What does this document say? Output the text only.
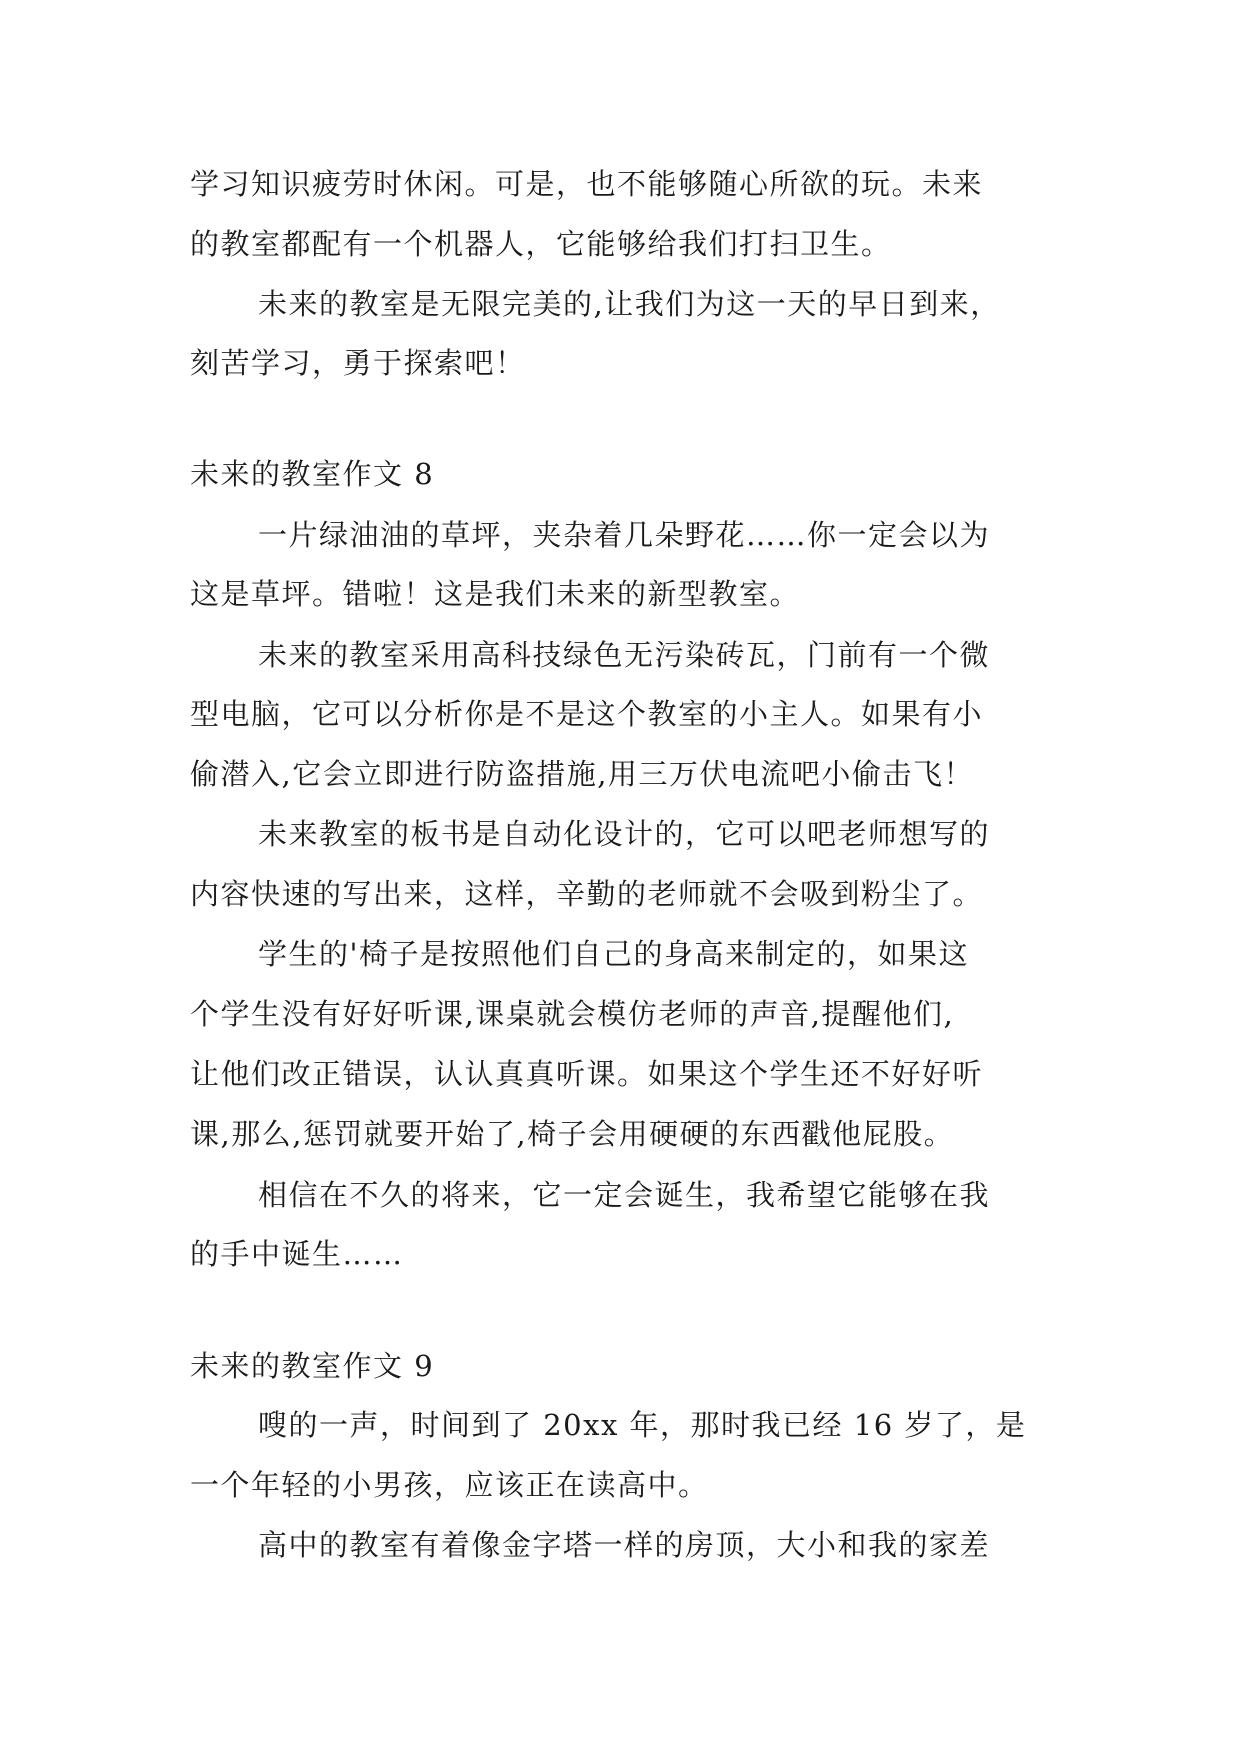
学习知识疲劳时休闲。可是，也不能够随心所欲的玩。未来
的教室都配有一个机器人，它能够给我们打扫卫生。
未来的教室是无限完美的,让我们为这一天的早日到来，
刻苦学习，勇于探索吧！
未来的教室作文 8
一片绿油油的草坪，夹杂着几朵野花……你一定会以为
这是草坪。错啦！这是我们未来的新型教室。
未来的教室采用高科技绿色无污染砖瓦，门前有一个微
型电脑，它可以分析你是不是这个教室的小主人。如果有小
偷潜入,它会立即进行防盗措施,用三万伏电流吧小偷击飞！
未来教室的板书是自动化设计的，它可以吧老师想写的
内容快速的写出来，这样，辛勤的老师就不会吸到粉尘了。
学生的'椅子是按照他们自己的身高来制定的，如果这
个学生没有好好听课,课桌就会模仿老师的声音,提醒他们,
让他们改正错误，认认真真听课。如果这个学生还不好好听
课,那么,惩罚就要开始了,椅子会用硬硬的东西戳他屁股。
相信在不久的将来，它一定会诞生，我希望它能够在我
的手中诞生……
未来的教室作文 9
嗖的一声，时间到了 20xx 年，那时我已经 16 岁了，是
一个年轻的小男孩，应该正在读高中。
高中的教室有着像金字塔一样的房顶，大小和我的家差
